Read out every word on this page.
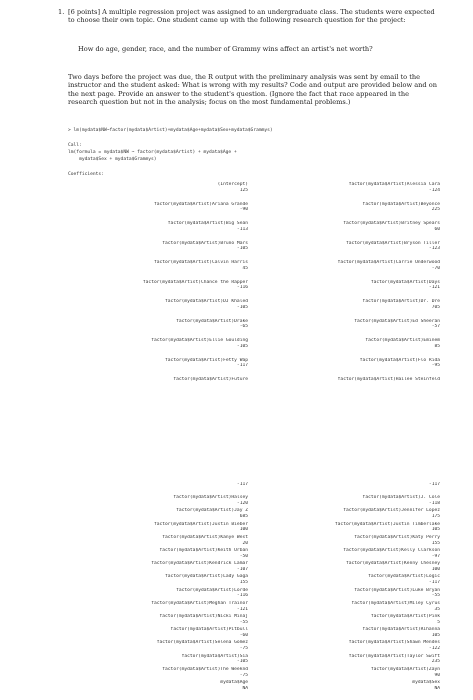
1. [6 points] A multiple regression project was assigned to an undergraduate class. The students were expected to choose their own topic. One student came up with the following research question for the project:
How do age, gender, race, and the number of Grammy wins affect an artist's net worth?
Two days before the project was due, the R output with the preliminary analysis was sent by email to the instructor and the student asked: What is wrong with my results? Code and output are provided below and on the next page. Provide an answer to the student's question. (Ignore the fact that race appeared in the research question but not in the analysis; focus on the most fundamental problems.)
> lm(mydata$NW~factor(mydata$Artist)+mydata$Age+mydata$Sex+mydata$Grammys)
Call:
lm(formula = mydata$NW ~ factor(mydata$Artist) + mydata$Age +
mydata$Sex + mydata$Grammys)
Coefficients:
(Intercept)
125
factor(mydata$Artist)Alessia Cara
-124
factor(mydata$Artist)Ariana Grande
-90
factor(mydata$Artist)Beyonce
225
factor(mydata$Artist)Big Sean
-113
factor(mydata$Artist)Britney Spears
60
factor(mydata$Artist)Bruno Mars
-105
factor(mydata$Artist)Bryson Tiller
-123
factor(mydata$Artist)Calvin Harris
45
factor(mydata$Artist)Carrie Underwood
-70
factor(mydata$Artist)Chance the Rapper
-116
factor(mydata$Artist)Days
-121
factor(mydata$Artist)DJ Khaled
-105
factor(mydata$Artist)Dr. Dre
705
factor(mydata$Artist)Drake
-65
factor(mydata$Artist)Ed Sheeran
-57
factor(mydata$Artist)Ellie Goulding
-105
factor(mydata$Artist)Eminem
85
factor(mydata$Artist)Fetty Wap
-117
factor(mydata$Artist)Flo Rida
-95
factor(mydata$Artist)Future	factor(mydata$Artist)Hailee Steinfeld
-117	-117
factor(mydata$Artist)Halsey
-120
factor(mydata$Artist)J. Cole
-118
factor(mydata$Artist)Jay Z
685
factor(mydata$Artist)Jennifer Lopez
175
factor(mydata$Artist)Justin Bieber
100
factor(mydata$Artist)Justin Timberlake
105
factor(mydata$Artist)Kanye West
20
factor(mydata$Artist)Katy Perry
155
factor(mydata$Artist)Keith Urban
-50
factor(mydata$Artist)Kelly Clarkson
-97
factor(mydata$Artist)Kendrick Lamar
-107
factor(mydata$Artist)Kenny Chesney
100
factor(mydata$Artist)Lady Gaga
155
factor(mydata$Artist)Logic
-117
factor(mydata$Artist)Lorde
-116
factor(mydata$Artist)Luke Bryan
-55
factor(mydata$Artist)Meghan Trainor
-121
factor(mydata$Artist)Miley Cyrus
35
factor(mydata$Artist)Nicki Minaj
-55
factor(mydata$Artist)Pink
5
factor(mydata$Artist)Pitbull
-60
factor(mydata$Artist)Rihanna
105
factor(mydata$Artist)Selena Gomez
-75
factor(mydata$Artist)Shawn Mendes
-122
factor(mydata$Artist)Sia
-105
factor(mydata$Artist)Taylor Swift
235
factor(mydata$Artist)The Weeknd
-75
factor(mydata$Artist)Zayn
90
mydata$Age
NA
mydata$Sex
NA
